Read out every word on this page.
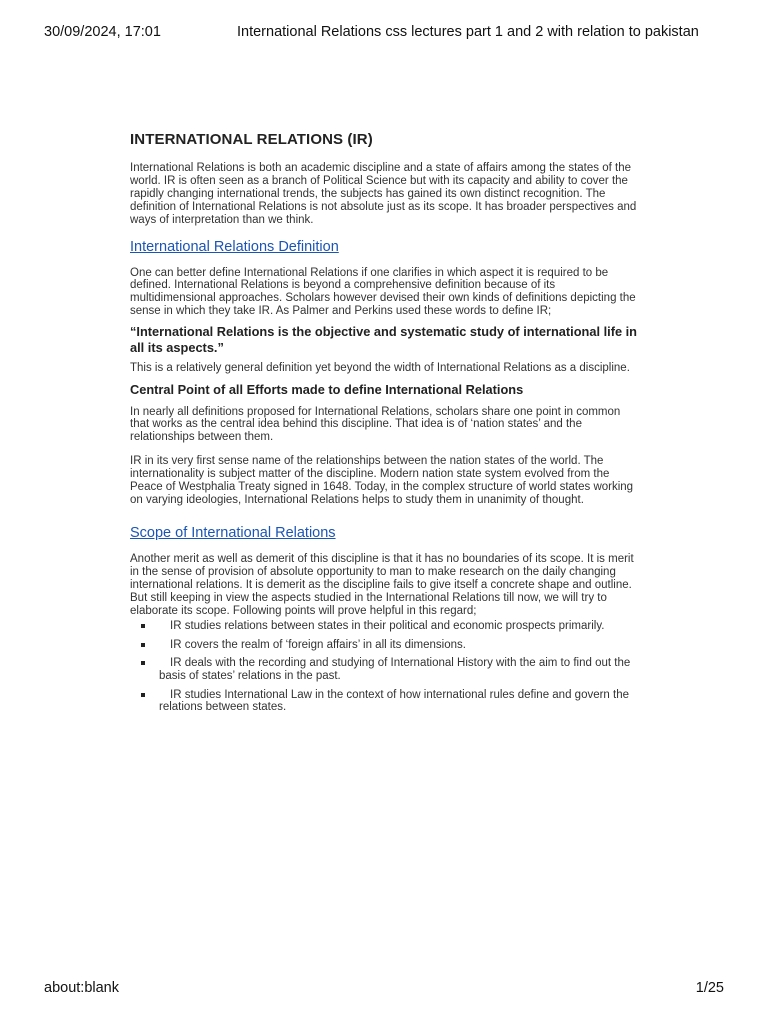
30/09/2024, 17:01	International Relations css lectures part 1 and 2 with relation to pakistan
INTERNATIONAL RELATIONS (IR)

International Relations is both an academic discipline and a state of affairs among the states of the world. IR is often seen as a branch of Political Science but with its capacity and ability to cover the rapidly changing international trends, the subjects has gained its own distinct recognition. The definition of International Relations is not absolute just as its scope. It has broader perspectives and ways of interpretation than we think.

International Relations Definition

One can better define International Relations if one clarifies in which aspect it is required to be defined. International Relations is beyond a comprehensive definition because of its multidimensional approaches. Scholars however devised their own kinds of definitions depicting the sense in which they take IR. As Palmer and Perkins used these words to define IR;

“International Relations is the objective and systematic study of international life in all its aspects.”

This is a relatively general definition yet beyond the width of International Relations as a discipline.

Central Point of all Efforts made to define International Relations

In nearly all definitions proposed for International Relations, scholars share one point in common that works as the central idea behind this discipline. That idea is of ‘nation states’ and the relationships between them.

IR in its very first sense name of the relationships between the nation states of the world. The internationality is subject matter of the discipline. Modern nation state system evolved from the Peace of Westphalia Treaty signed in 1648. Today, in the complex structure of world states working on varying ideologies, International Relations helps to study them in unanimity of thought.

Scope of International Relations

Another merit as well as demerit of this discipline is that it has no boundaries of its scope. It is merit in the sense of provision of absolute opportunity to man to make research on the daily changing international relations. It is demerit as the discipline fails to give itself a concrete shape and outline. But still keeping in view the aspects studied in the International Relations till now, we will try to elaborate its scope. Following points will prove helpful in this regard;

IR studies relations between states in their political and economic prospects primarily.
IR covers the realm of ‘foreign affairs’ in all its dimensions.
IR deals with the recording and studying of International History with the aim to find out the basis of states’ relations in the past.
IR studies International Law in the context of how international rules define and govern the relations between states.
about:blank	1/25
